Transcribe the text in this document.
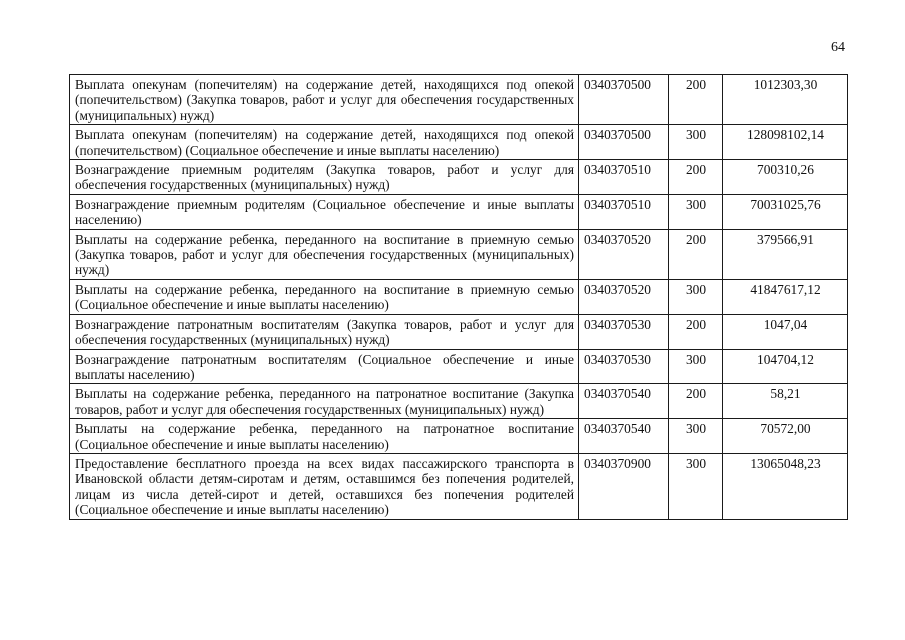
64
Выплата опекунам (попечителям) на содержание детей, находящихся под опекой (попечительством) (Закупка товаров, работ и услуг для обеспечения государственных (муниципальных) нужд)	0340370500	200	1012303,30
Выплата опекунам (попечителям) на содержание детей, находящихся под опекой (попечительством) (Социальное обеспечение и иные выплаты населению)	0340370500	300	128098102,14
Вознаграждение приемным родителям (Закупка товаров, работ и услуг для обеспечения государственных (муниципальных) нужд)	0340370510	200	700310,26
Вознаграждение приемным родителям (Социальное обеспечение и иные выплаты населению)	0340370510	300	70031025,76
Выплаты на содержание ребенка, переданного на воспитание в приемную семью (Закупка товаров, работ и услуг для обеспечения государственных (муниципальных) нужд)	0340370520	200	379566,91
Выплаты на содержание ребенка, переданного на воспитание в приемную семью (Социальное обеспечение и иные выплаты населению)	0340370520	300	41847617,12
Вознаграждение патронатным воспитателям (Закупка товаров, работ и услуг для обеспечения государственных (муниципальных) нужд)	0340370530	200	1047,04
Вознаграждение патронатным воспитателям (Социальное обеспечение и иные выплаты населению)	0340370530	300	104704,12
Выплаты на содержание ребенка, переданного на патронатное воспитание (Закупка товаров, работ и услуг для обеспечения государственных (муниципальных) нужд)	0340370540	200	58,21
Выплаты на содержание ребенка, переданного на патронатное воспитание (Социальное обеспечение и иные выплаты населению)	0340370540	300	70572,00
Предоставление бесплатного проезда на всех видах пассажирского транспорта в Ивановской области детям-сиротам и детям, оставшимся без попечения родителей, лицам из числа детей-сирот и детей, оставшихся без попечения родителей (Социальное обеспечение и иные выплаты населению)	0340370900	300	13065048,23
